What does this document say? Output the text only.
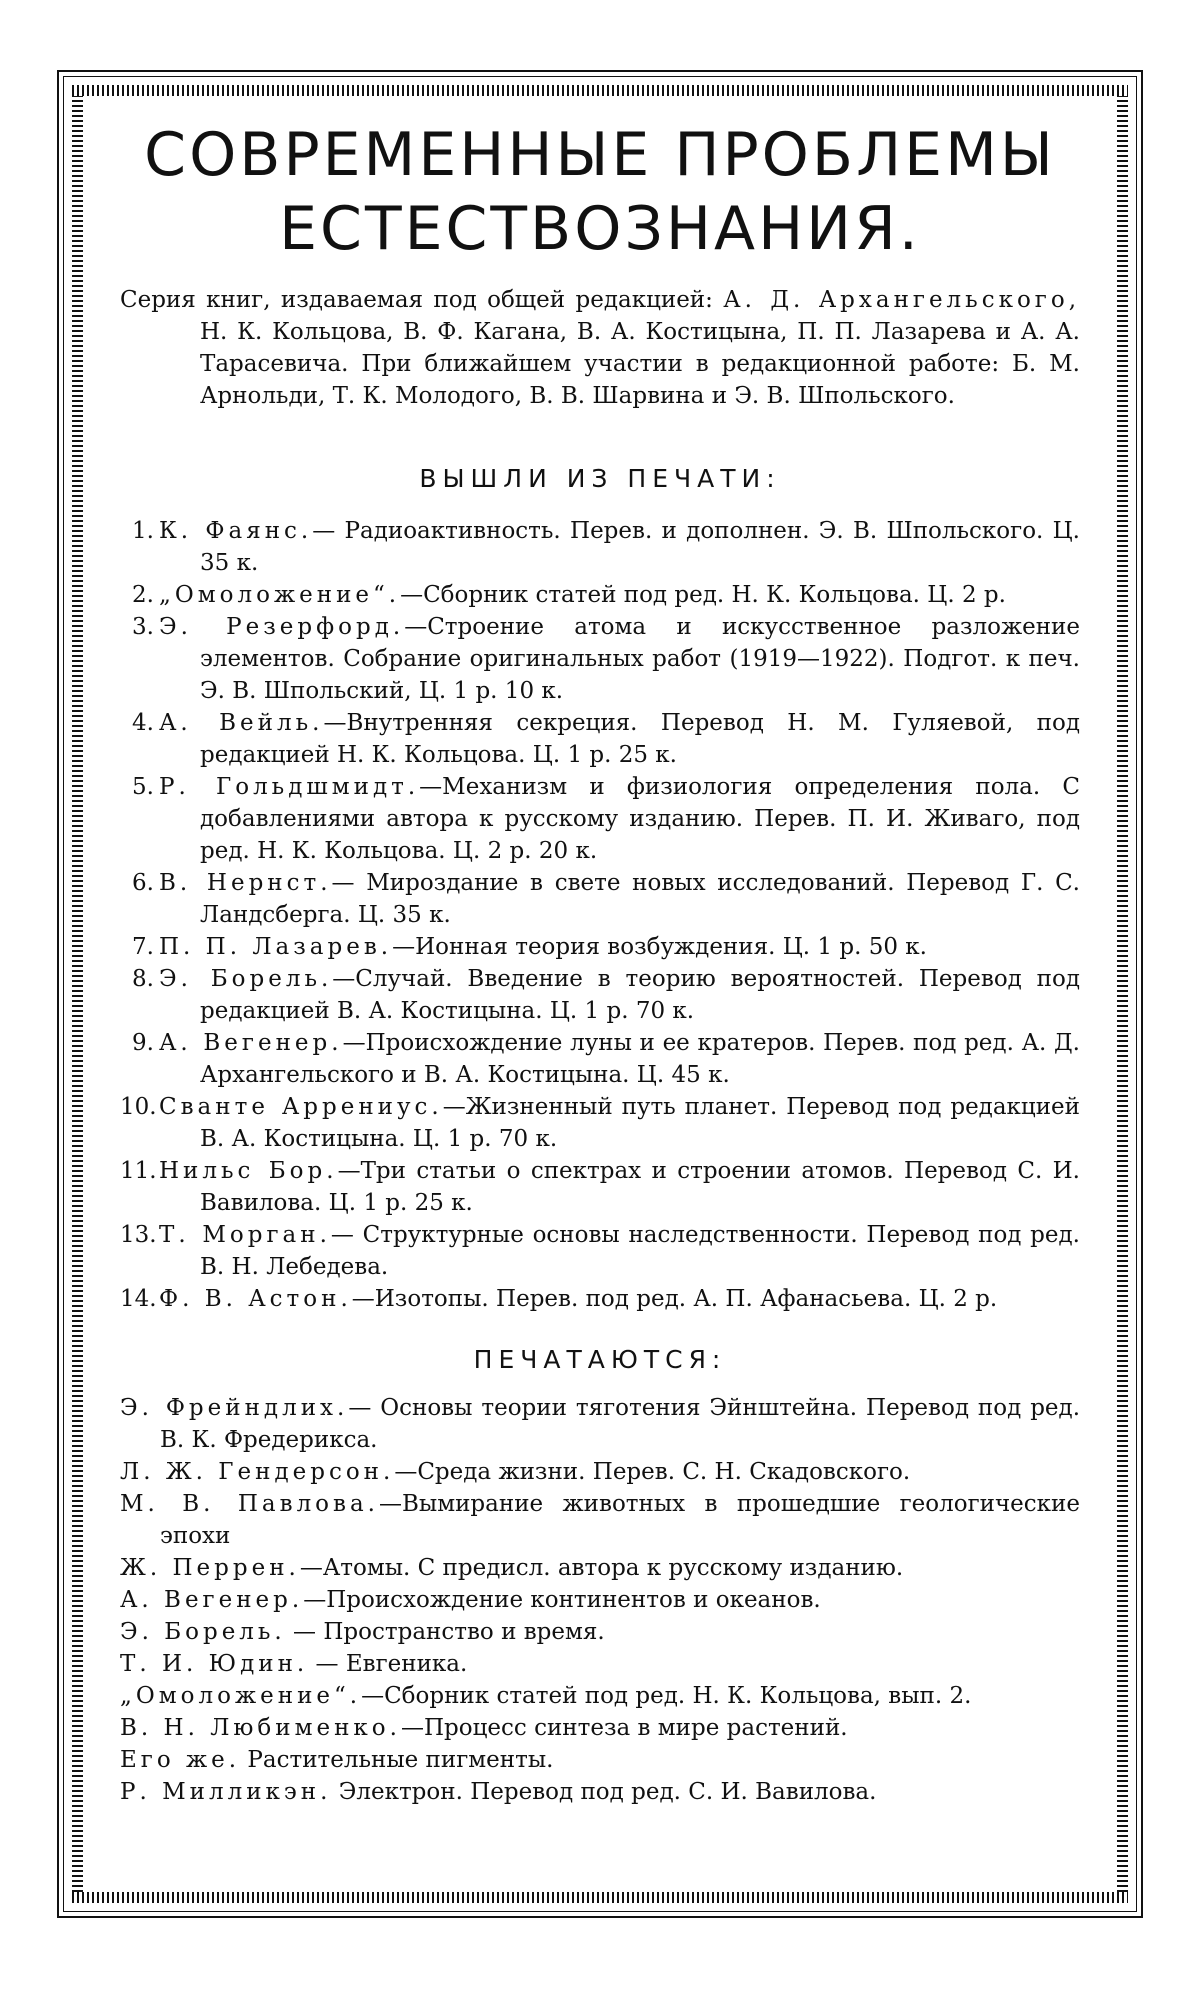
СОВРЕМЕННЫЕ ПРОБЛЕМЫ
ЕСТЕСТВОЗНАНИЯ.
Серия книг, издаваемая под общей редакцией: А. Д. Архангельского, Н. К. Кольцова, В. Ф. Кагана, В. А. Костицына, П. П. Лазарева и А. А. Тарасевича. При ближайшем участии в редакционной работе: Б. М. Арнольди, Т. К. Молодого, В. В. Шарвина и Э. В. Шпольского.
ВЫШЛИ ИЗ ПЕЧАТИ:
1. К. Фаянс.— Радиоактивность. Перев. и дополнен. Э. В. Шпольского. Ц. 35 к.
2. „Омоложение“.—Сборник статей под ред. Н. К. Кольцова. Ц. 2 р.
3. Э. Резерфорд.—Строение атома и искусственное разложение элементов. Собрание оригинальных работ (1919—1922). Подгот. к печ. Э. В. Шпольский, Ц. 1 р. 10 к.
4. А. Вейль.—Внутренняя секреция. Перевод Н. М. Гуляевой, под редакцией Н. К. Кольцова. Ц. 1 р. 25 к.
5. Р. Гольдшмидт.—Механизм и физиология определения пола. С добавлениями автора к русскому изданию. Перев. П. И. Живаго, под ред. Н. К. Кольцова. Ц. 2 р. 20 к.
6. В. Нернст.— Мироздание в свете новых исследований. Перевод Г. С. Ландсберга. Ц. 35 к.
7. П. П. Лазарев.—Ионная теория возбуждения. Ц. 1 р. 50 к.
8. Э. Борель.—Случай. Введение в теорию вероятностей. Перевод под редакцией В. А. Костицына. Ц. 1 р. 70 к.
9. А. Вегенер.—Происхождение луны и ее кратеров. Перев. под ред. А. Д. Архангельского и В. А. Костицына. Ц. 45 к.
10. Сванте Аррениус.—Жизненный путь планет. Перевод под редакцией В. А. Костицына. Ц. 1 р. 70 к.
11. Нильс Бор.—Три статьи о спектрах и строении атомов. Перевод С. И. Вавилова. Ц. 1 р. 25 к.
13. Т. Морган.— Структурные основы наследственности. Перевод под ред. В. Н. Лебедева.
14. Ф. В. Астон.—Изотопы. Перев. под ред. А. П. Афанасьева. Ц. 2 р.
ПЕЧАТАЮТСЯ:
Э. Фрейндлих.— Основы теории тяготения Эйнштейна. Перевод под ред. В. К. Фредерикса.
Л. Ж. Гендерсон.—Среда жизни. Перев. С. Н. Скадовского.
М. В. Павлова.—Вымирание животных в прошедшие геологические эпохи
Ж. Перрен.—Атомы. С предисл. автора к русскому изданию.
А. Вегенер.—Происхождение континентов и океанов.
Э. Борель. — Пространство и время.
Т. И. Юдин. — Евгеника.
„Омоложение“.—Сборник статей под ред. Н. К. Кольцова, вып. 2.
В. Н. Любименко.—Процесс синтеза в мире растений.
Его же. Растительные пигменты.
Р. Милликэн. Электрон. Перевод под ред. С. И. Вавилова.
